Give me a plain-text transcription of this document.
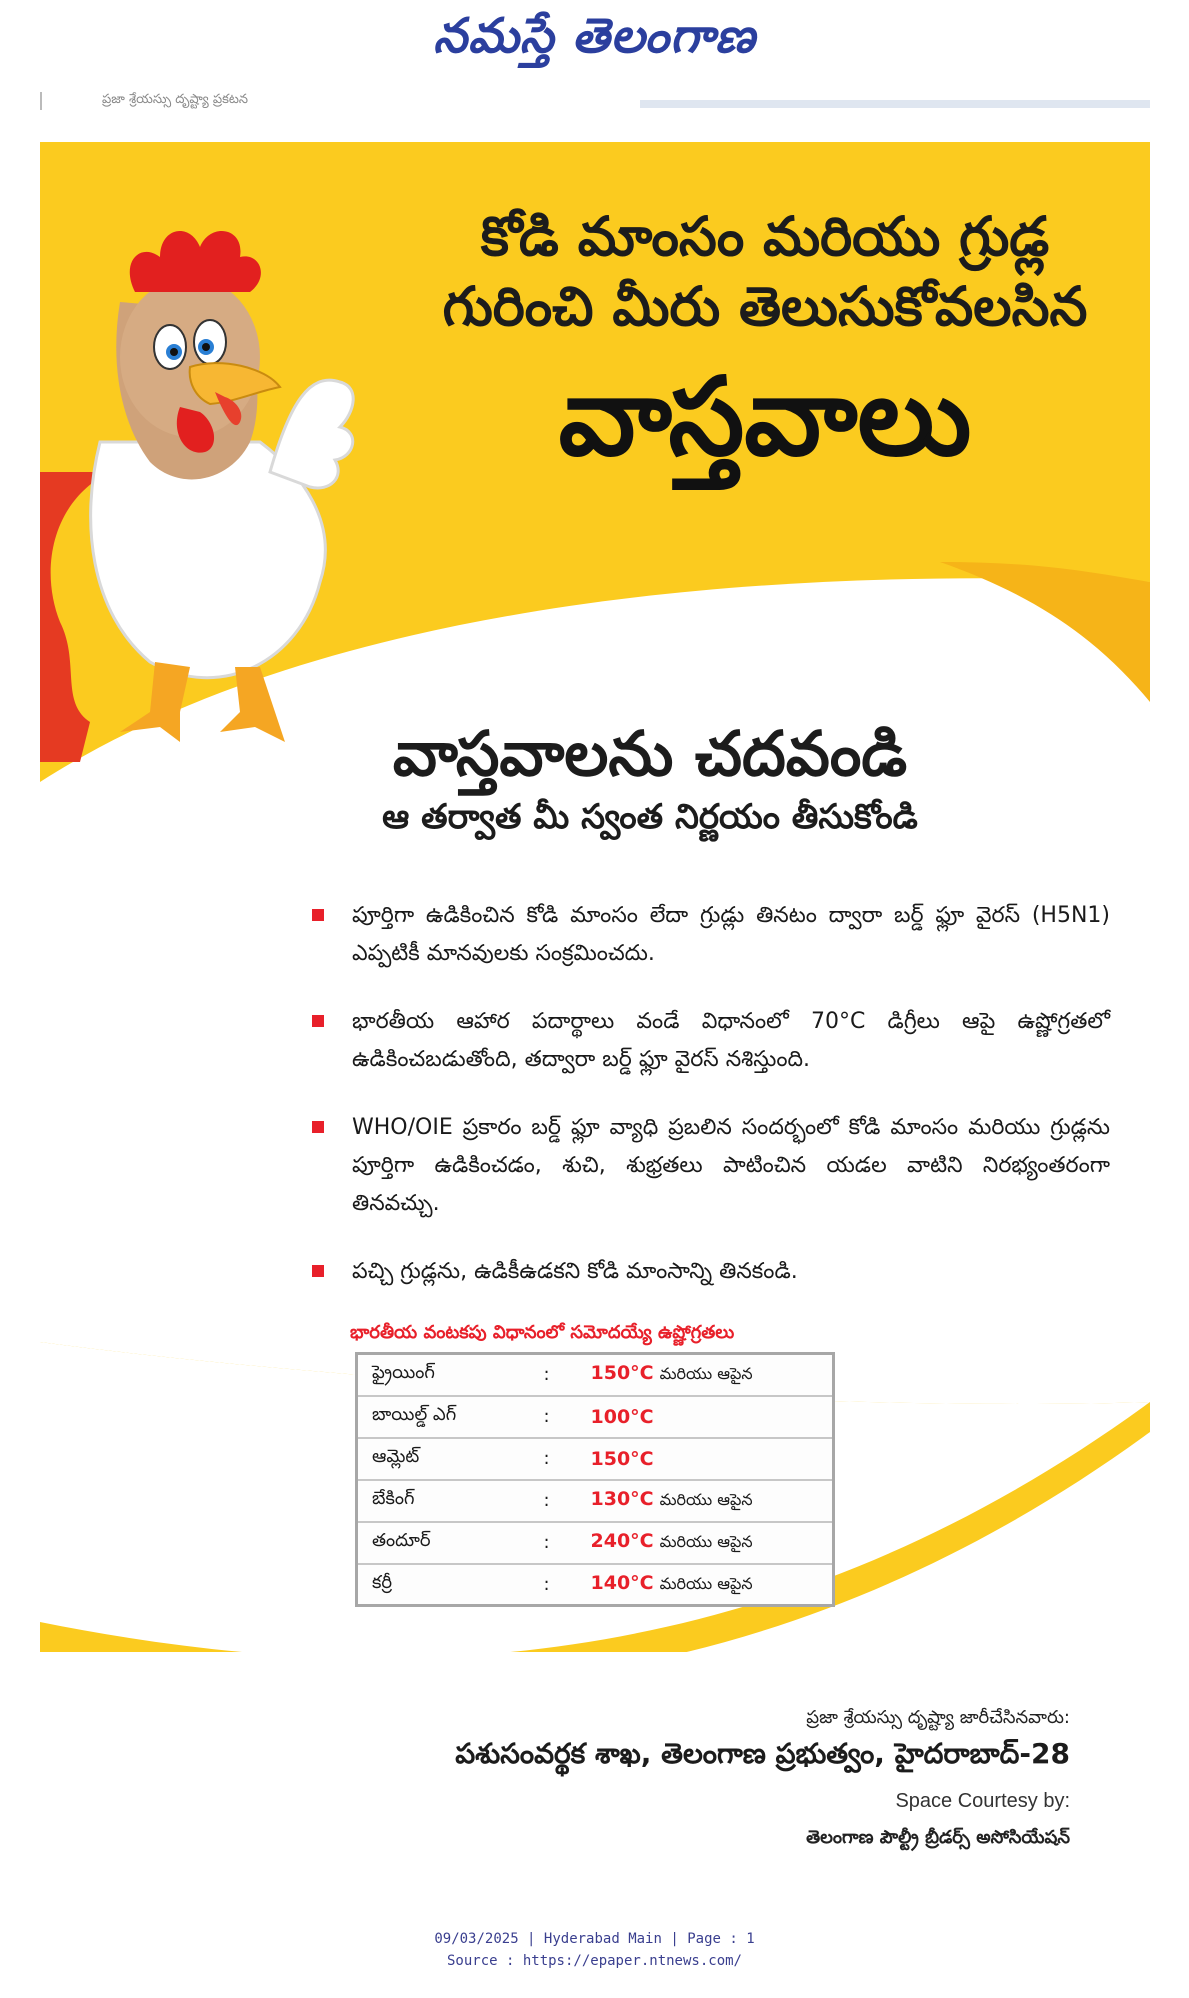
నమస్తే తెలంగాణ
ప్రజా శ్రేయస్సు దృష్ట్యా ప్రకటన
కోడి మాంసం మరియు గ్రుడ్ల
గురించి మీరు తెలుసుకోవలసిన
వాస్తవాలు
వాస్తవాలను చదవండి
ఆ తర్వాత మీ స్వంత నిర్ణయం తీసుకోండి
పూర్తిగా ఉడికించిన కోడి మాంసం లేదా గ్రుడ్లు తినటం ద్వారా బర్డ్ ఫ్లూ వైరస్ (H5N1) ఎప్పటికీ మానవులకు సంక్రమించదు.
భారతీయ ఆహార పదార్థాలు వండే విధానంలో 70°C డిగ్రీలు ఆపై ఉష్ణోగ్రతలో ఉడికించబడుతోంది, తద్వారా బర్డ్ ఫ్లూ వైరస్ నశిస్తుంది.
WHO/OIE ప్రకారం బర్డ్ ఫ్లూ వ్యాధి ప్రబలిన సందర్భంలో కోడి మాంసం మరియు గ్రుడ్లను పూర్తిగా ఉడికించడం, శుచి, శుభ్రతలు పాటించిన యడల వాటిని నిరభ్యంతరంగా తినవచ్చు.
పచ్చి గ్రుడ్లను, ఉడికీఉడకని కోడి మాంసాన్ని తినకండి.
భారతీయ వంటకపు విధానంలో సమోదయ్యే ఉష్ణోగ్రతలు
ఫ్రైయింగ్	:	150°C మరియు ఆపైన
బాయిల్డ్ ఎగ్	:	100°C
ఆమ్లెట్	:	150°C
బేకింగ్	:	130°C మరియు ఆపైన
తందూర్	:	240°C మరియు ఆపైన
కర్రీ	:	140°C మరియు ఆపైన
ప్రజా శ్రేయస్సు దృష్ట్యా జారీచేసినవారు:
పశుసంవర్థక శాఖ, తెలంగాణ ప్రభుత్వం, హైదరాబాద్-28
Space Courtesy by:
తెలంగాణ పౌల్ట్రీ బ్రీడర్స్ అసోసియేషన్
09/03/2025 | Hyderabad Main | Page : 1
Source : https://epaper.ntnews.com/
